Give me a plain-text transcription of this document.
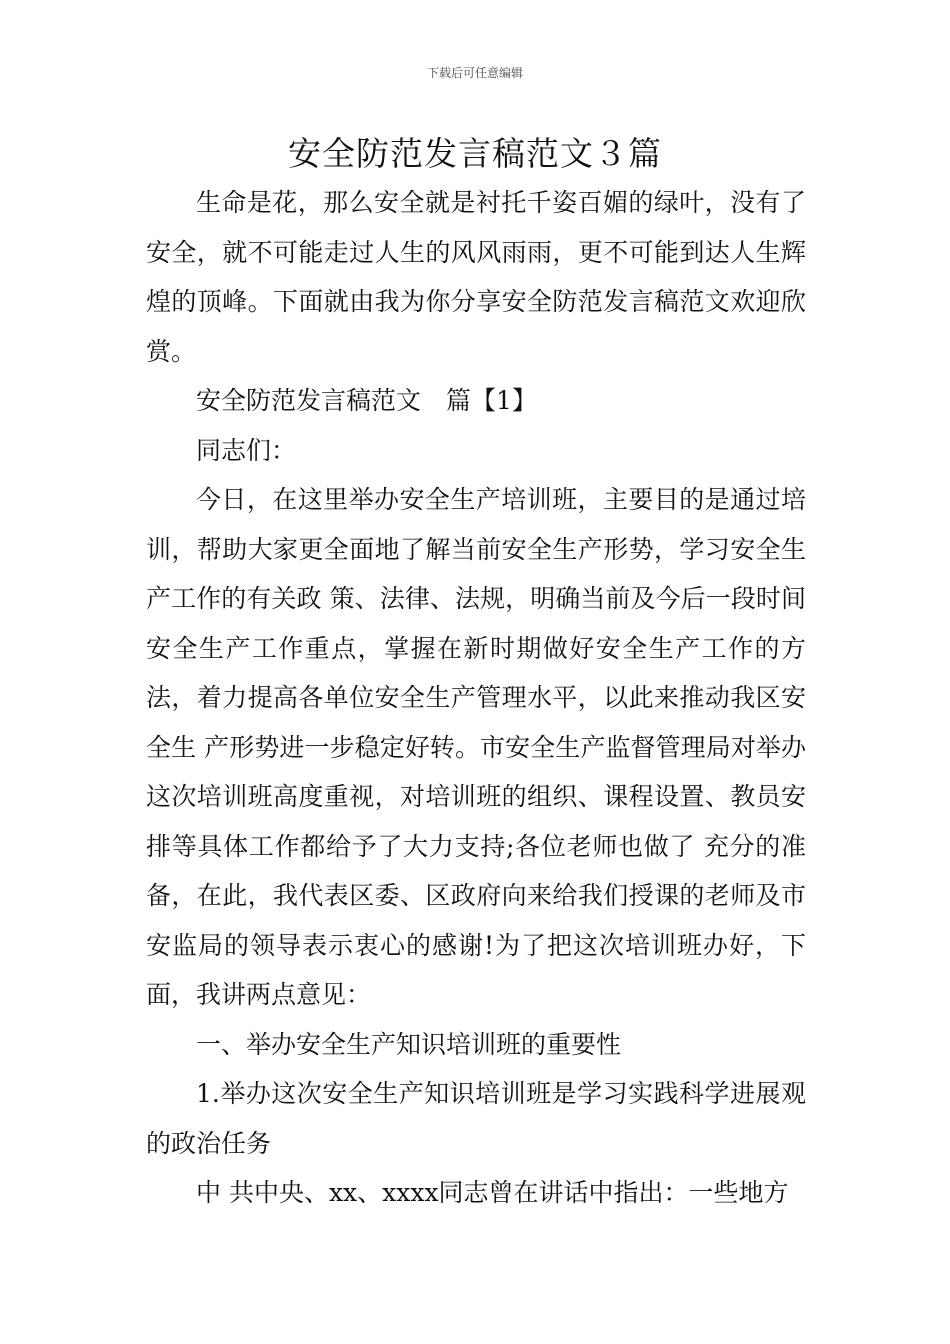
下载后可任意编辑
安全防范发言稿范文３篇

生命是花，那么安全就是衬托千姿百媚的绿叶，没有了安全，就不可能走过人生的风风雨雨，更不可能到达人生辉煌的顶峰。下面就由我为你分享安全防范发言稿范文欢迎欣赏。

安全防范发言稿范文　篇【1】

同志们：

今日，在这里举办安全生产培训班，主要目的是通过培训，帮助大家更全面地了解当前安全生产形势，学习安全生产工作的有关政 策、法律、法规，明确当前及今后一段时间安全生产工作重点，掌握在新时期做好安全生产工作的方法，着力提高各单位安全生产管理水平，以此来推动我区安全生 产形势进一步稳定好转。市安全生产监督管理局对举办这次培训班高度重视，对培训班的组织、课程设置、教员安排等具体工作都给予了大力支持;各位老师也做了 充分的准备，在此，我代表区委、区政府向来给我们授课的老师及市安监局的领导表示衷心的感谢!为了把这次培训班办好，下面，我讲两点意见：

一、举办安全生产知识培训班的重要性

1.举办这次安全生产知识培训班是学习实践科学进展观的政治任务

中 共中央、xx、xxxx同志曾在讲话中指出：一些地方
